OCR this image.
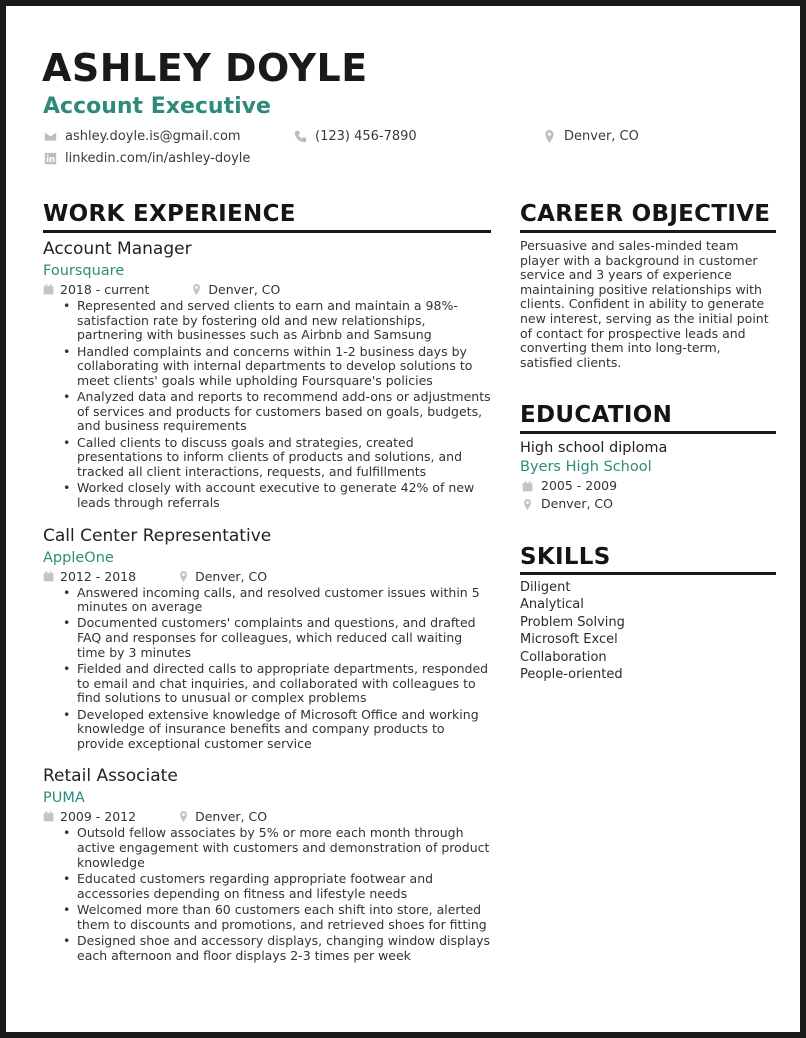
ASHLEY DOYLE
Account Executive
ashley.doyle.is@gmail.com	(123) 456-7890	Denver, CO
linkedin.com/in/ashley-doyle
WORK EXPERIENCE	CAREER OBJECTIVE
EDUCATION
SKILLS
Account Manager
Foursquare
2018 - current	Denver, CO
• Represented and served clients to earn and maintain a 98%-satisfaction rate by fostering old and new relationships, partnering with businesses such as Airbnb and Samsung
• Handled complaints and concerns within 1-2 business days by collaborating with internal departments to develop solutions to meet clients' goals while upholding Foursquare's policies
• Analyzed data and reports to recommend add-ons or adjustments of services and products for customers based on goals, budgets, and business requirements
• Called clients to discuss goals and strategies, created presentations to inform clients of products and solutions, and tracked all client interactions, requests, and fulfillments
• Worked closely with account executive to generate 42% of new leads through referrals
Call Center Representative
AppleOne
2012 - 2018	Denver, CO
• Answered incoming calls, and resolved customer issues within 5 minutes on average
• Documented customers' complaints and questions, and drafted FAQ and responses for colleagues, which reduced call waiting time by 3 minutes
• Fielded and directed calls to appropriate departments, responded to email and chat inquiries, and collaborated with colleagues to find solutions to unusual or complex problems
• Developed extensive knowledge of Microsoft Office and working knowledge of insurance benefits and company products to provide exceptional customer service
Retail Associate
PUMA
2009 - 2012	Denver, CO
• Outsold fellow associates by 5% or more each month through active engagement with customers and demonstration of product knowledge
• Educated customers regarding appropriate footwear and accessories depending on fitness and lifestyle needs
• Welcomed more than 60 customers each shift into store, alerted them to discounts and promotions, and retrieved shoes for fitting
• Designed shoe and accessory displays, changing window displays each afternoon and floor displays 2-3 times per week
Persuasive and sales-minded team player with a background in customer service and 3 years of experience maintaining positive relationships with clients. Confident in ability to generate new interest, serving as the initial point of contact for prospective leads and converting them into long-term, satisfied clients.
High school diploma
Byers High School
2005 - 2009
Denver, CO
Diligent
Analytical
Problem Solving
Microsoft Excel
Collaboration
People-oriented
